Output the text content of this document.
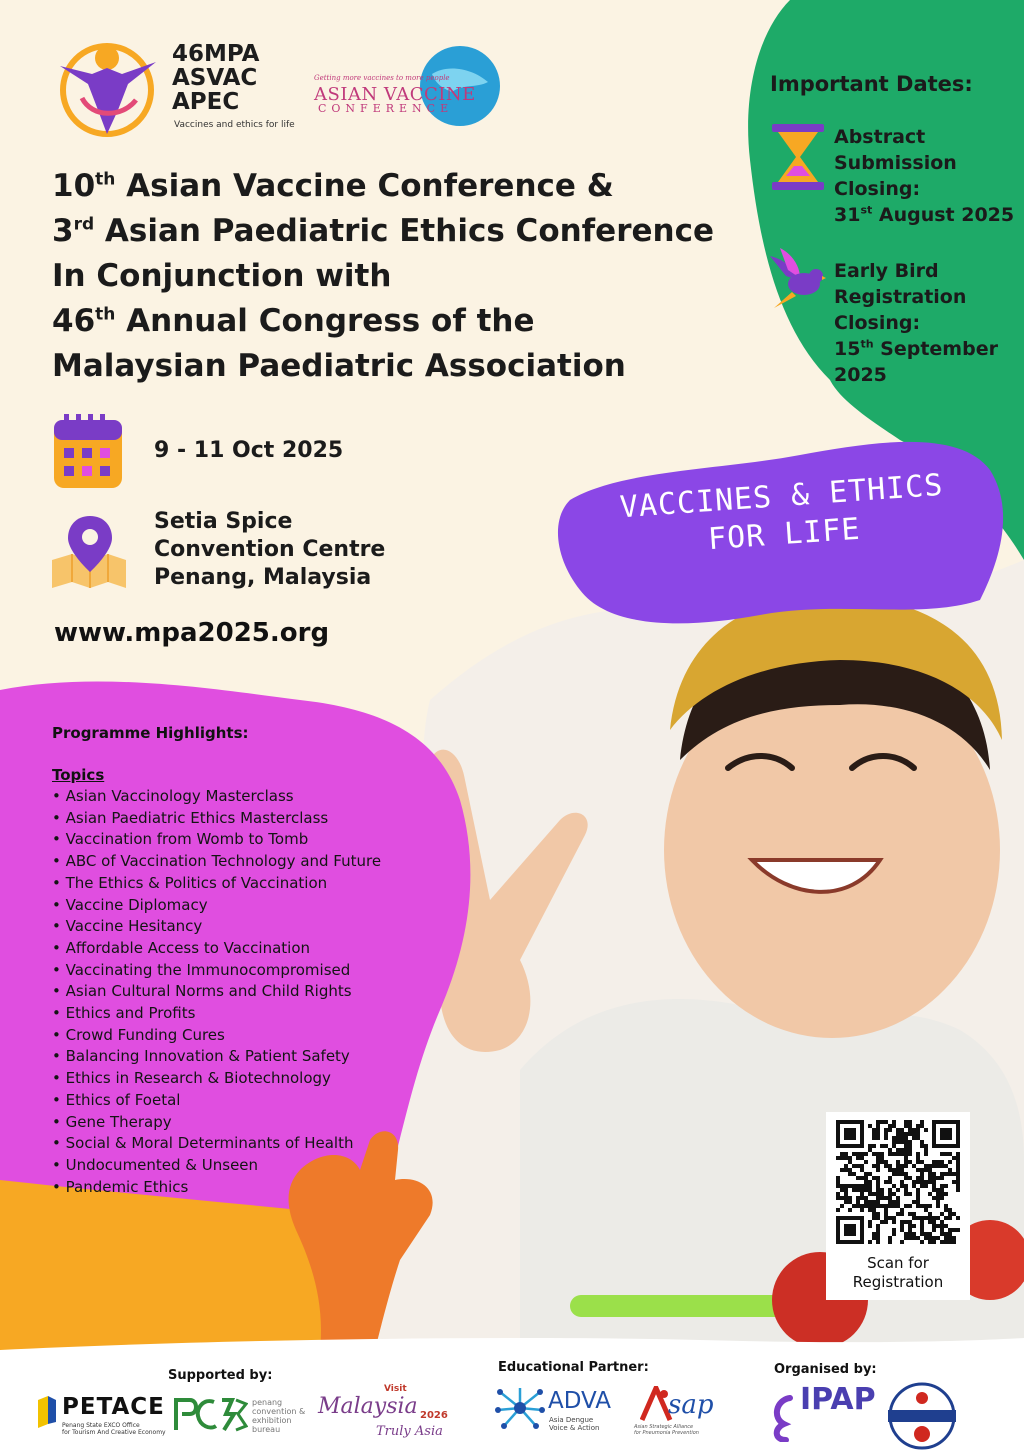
46MPA
ASVAC
APEC
Vaccines and ethics for life
Getting more vaccines to more people
ASIAN VACCINE
CONFERENCE
10th Asian Vaccine Conference &
3rd Asian Paediatric Ethics Conference
In Conjunction with
46th Annual Congress of the
Malaysian Paediatric Association
9 - 11 Oct 2025
Setia Spice
Convention Centre
Penang, Malaysia
www.mpa2025.org
Important Dates:
Abstract
Submission
Closing:
31st August 2025
Early Bird
Registration
Closing:
15th September
2025
VACCINES & ETHICS
FOR LIFE
Programme Highlights:
Topics
• Asian Vaccinology Masterclass
• Asian Paediatric Ethics Masterclass
• Vaccination from Womb to Tomb
• ABC of Vaccination Technology and Future
• The Ethics & Politics of Vaccination
• Vaccine Diplomacy
• Vaccine Hesitancy
• Affordable Access to Vaccination
• Vaccinating the Immunocompromised
• Asian Cultural Norms and Child Rights
• Ethics and Profits
• Crowd Funding Cures
• Balancing Innovation & Patient Safety
• Ethics in Research & Biotechnology
• Ethics of Foetal
• Gene Therapy
• Social & Moral Determinants of Health
• Undocumented & Unseen
• Pandemic Ethics
Scan for
Registration
Supported by:
Educational Partner:	Organised by:
PETACE
Penang State EXCO Office
for Tourism And Creative Economy
penang
convention &
exhibition
bureau
Visit
Malaysia 2026
Truly Asia
ADVA
Asia Dengue
Voice & Action
sap
Asian Strategic Alliance
for Pneumonia Prevention
IPAP
